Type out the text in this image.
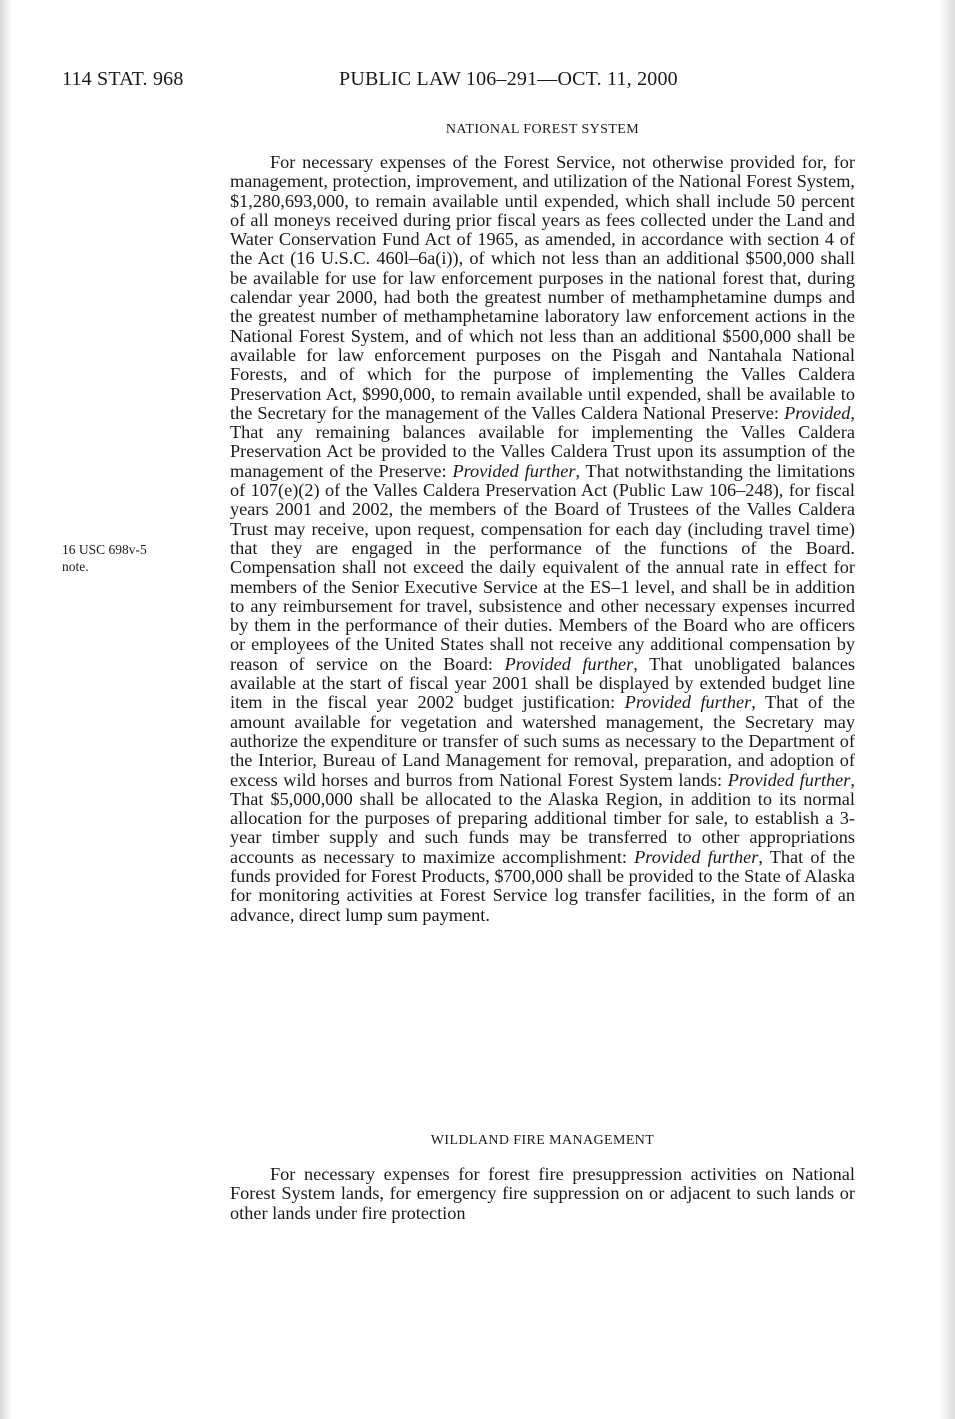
114 STAT. 968	PUBLIC LAW 106–291—OCT. 11, 2000
NATIONAL FOREST SYSTEM

For necessary expenses of the Forest Service, not otherwise provided for, for management, protection, improvement, and utilization of the National Forest System, $1,280,693,000, to remain available until expended, which shall include 50 percent of all moneys received during prior fiscal years as fees collected under the Land and Water Conservation Fund Act of 1965, as amended, in accordance with section 4 of the Act (16 U.S.C. 460l–6a(i)), of which not less than an additional $500,000 shall be available for use for law enforcement purposes in the national forest that, during calendar year 2000, had both the greatest number of methamphetamine dumps and the greatest number of methamphetamine laboratory law enforcement actions in the National Forest System, and of which not less than an additional $500,000 shall be available for law enforcement purposes on the Pisgah and Nantahala National Forests, and of which for the purpose of implementing the Valles Caldera Preservation Act, $990,000, to remain available until expended, shall be available to the Secretary for the management of the Valles Caldera National Preserve: Provided, That any remaining balances available for implementing the Valles Caldera Preservation Act be provided to the Valles Caldera Trust upon its assumption of the management of the Preserve: Provided further, That notwithstanding the limitations of 107(e)(2) of the Valles Caldera Preservation Act (Public Law 106–248), for fiscal years 2001 and 2002, the members of the Board of Trustees of the Valles Caldera Trust may receive, upon request, compensation for each day (including travel time) that they are engaged in the performance of the functions of the Board. Compensation shall not exceed the daily equivalent of the annual rate in effect for members of the Senior Executive Service at the ES–1 level, and shall be in addition to any reimbursement for travel, subsistence and other necessary expenses incurred by them in the performance of their duties. Members of the Board who are officers or employees of the United States shall not receive any additional compensation by reason of service on the Board: Provided further, That unobligated balances available at the start of fiscal year 2001 shall be displayed by extended budget line item in the fiscal year 2002 budget justification: Provided further, That of the amount available for vegetation and watershed management, the Secretary may authorize the expenditure or transfer of such sums as necessary to the Department of the Interior, Bureau of Land Management for removal, preparation, and adoption of excess wild horses and burros from National Forest System lands: Provided further, That $5,000,000 shall be allocated to the Alaska Region, in addition to its normal allocation for the purposes of preparing additional timber for sale, to establish a 3-year timber supply and such funds may be transferred to other appropriations accounts as necessary to maximize accomplishment: Provided further, That of the funds provided for Forest Products, $700,000 shall be provided to the State of Alaska for monitoring activities at Forest Service log transfer facilities, in the form of an advance, direct lump sum payment.

16 USC 698v-5
note.
WILDLAND FIRE MANAGEMENT

For necessary expenses for forest fire presuppression activities on National Forest System lands, for emergency fire suppression on or adjacent to such lands or other lands under fire protection
